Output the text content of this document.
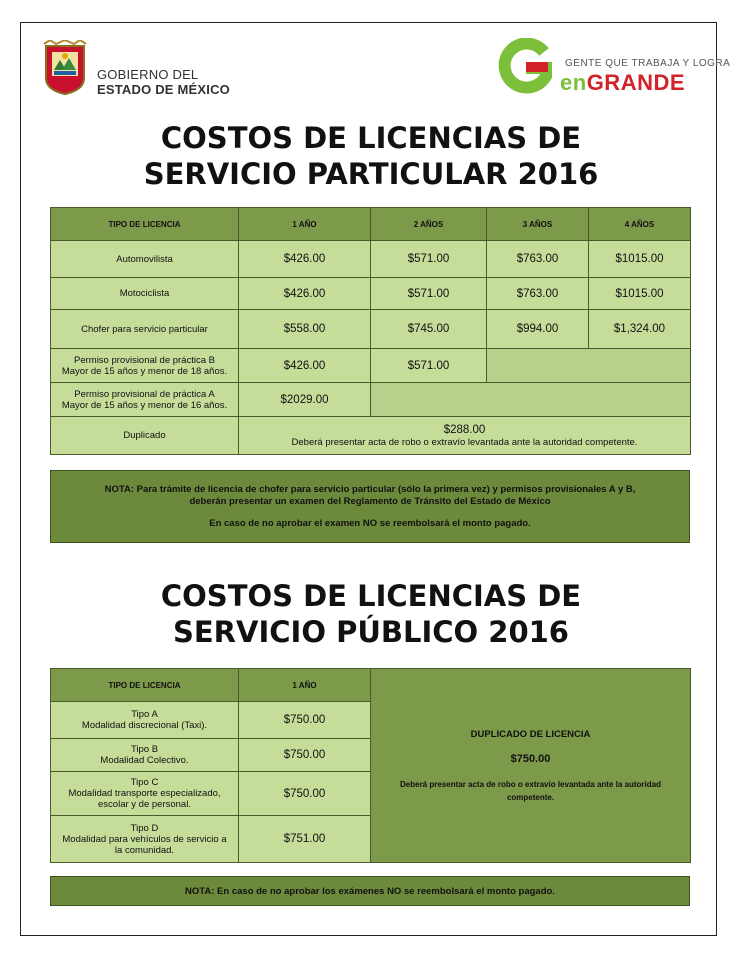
GOBIERNO DEL
ESTADO DE MÉXICO
GENTE QUE TRABAJA Y LOGRA
enGRANDE
COSTOS DE LICENCIAS DE
SERVICIO PARTICULAR 2016
TIPO DE LICENCIA	1 AÑO	2 AÑOS	3 AÑOS	4 AÑOS
Automovilista	$426.00	$571.00	$763.00	$1015.00
Motociclista	$426.00	$571.00	$763.00	$1015.00
Chofer para servicio particular	$558.00	$745.00	$994.00	$1,324.00

Permiso provisional de práctica B
Mayor de 15 años y menor de 18 años.	$426.00	$571.00		

Permiso provisional de práctica A
Mayor de 15 años y menor de 16 años.	$2029.00			
Duplicado	$288.00
Deberá presentar acta de robo o extravío levantada ante la autoridad competente.			
NOTA: Para trámite de licencia de chofer para servicio particular (sólo la primera vez) y permisos provisionales A y B,
deberán presentar un examen del Reglamento de Tránsito del Estado de México
En caso de no aprobar el examen NO se reembolsará el monto pagado.
COSTOS DE LICENCIAS DE
SERVICIO PÚBLICO 2016
TIPO DE LICENCIA	1 AÑO	DUPLICADO DE LICENCIA
$750.00
Deberá presentar acta de robo o extravío levantada ante la autoridad competente.

Tipo A
Modalidad discrecional (Taxi).	$750.00	

Tipo B
Modalidad Colectivo.	$750.00	

Tipo C
Modalidad transporte especializado,
escolar y de personal.	$750.00	

Tipo D
Modalidad para vehículos de servicio a
la comunidad.	$751.00	
NOTA: En caso de no aprobar los exámenes NO se reembolsará el monto pagado.
